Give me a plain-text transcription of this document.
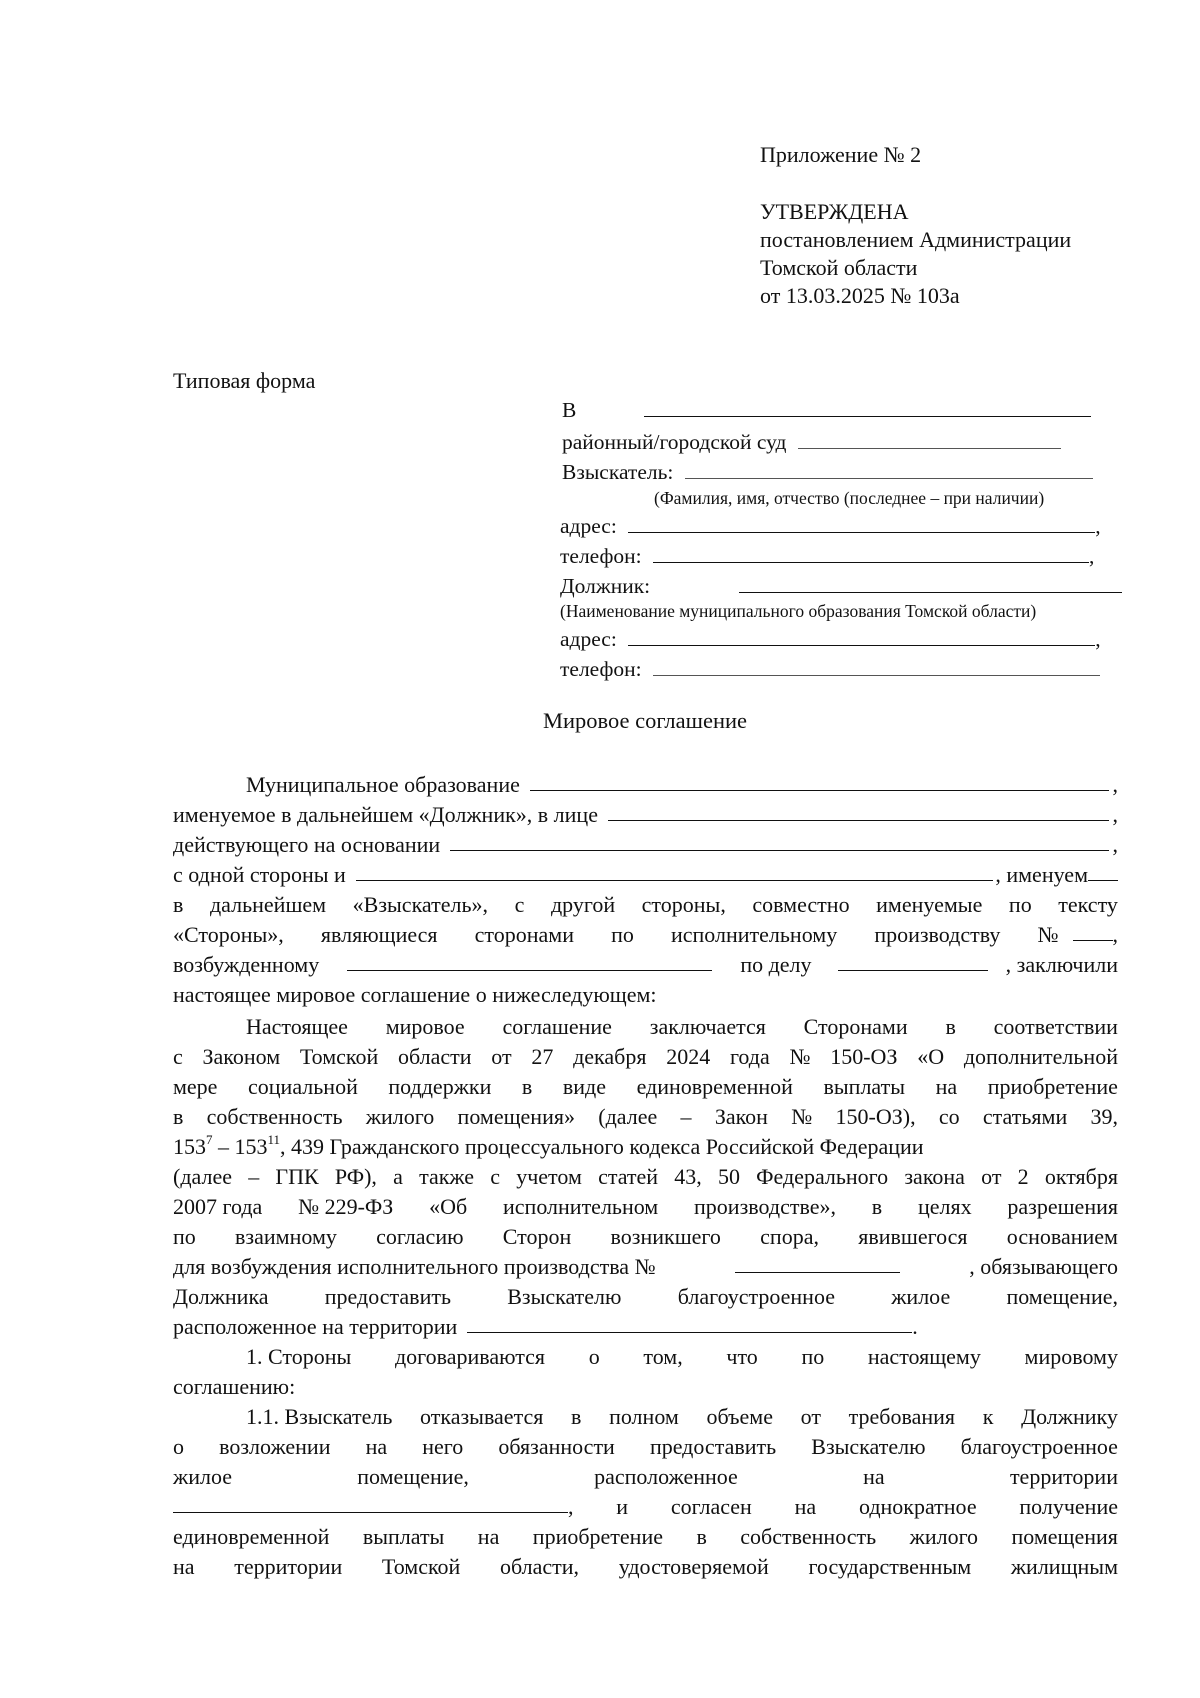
Приложение № 2
УТВЕРЖДЕНА
постановлением Администрации
Томской области
от 13.03.2025 № 103а
Типовая форма
В
районный/городской суд
Взыскатель:
(Фамилия, имя, отчество (последнее – при наличии)
адрес:	,
телефон:	,
Должник:
(Наименование муниципального образования Томской области)
адрес:	,
телефон:
Мировое соглашение
Муниципальное образование	,
именуемое в дальнейшем «Должник», в лице	,
действующего на основании	,
с одной стороны и	, именуем
в дальнейшем «Взыскатель», с другой стороны, совместно именуемые по тексту
«Стороны», являющиеся сторонами по исполнительному производству № ,
возбужденному	по делу	, заключили
настоящее мировое соглашение о нижеследующем:
Настоящее мировое соглашение заключается Сторонами в соответствии
с Законом Томской области от 27 декабря 2024 года № 150-ОЗ «О дополнительной
мере социальной поддержки в виде единовременной выплаты на приобретение
в собственность жилого помещения» (далее – Закон № 150-ОЗ), со статьями 39,
$153^7 - 153^{11}$, 439 Гражданского процессуального кодекса Российской Федерации
(далее – ГПК РФ), а также с учетом статей 43, 50 Федерального закона от 2 октября
2007 года № 229-ФЗ «Об исполнительном производстве», в целях разрешения
по взаимному согласию Сторон возникшего спора, явившегося основанием
для возбуждения исполнительного производства №	, обязывающего
Должника	предоставить	Взыскателю	благоустроенное	жилое	помещение,
расположенное на территории	.
1. Стороны договариваются о том, что по настоящему мировому
соглашению:
1.1. Взыскатель отказывается в полном объеме от требования к Должнику
о возложении на него обязанности предоставить Взыскателю благоустроенное
жилое	помещение,	расположенное	на	территории
, и согласен на однократное получение
единовременной выплаты на приобретение в собственность жилого помещения
на территории Томской области, удостоверяемой государственным жилищным
